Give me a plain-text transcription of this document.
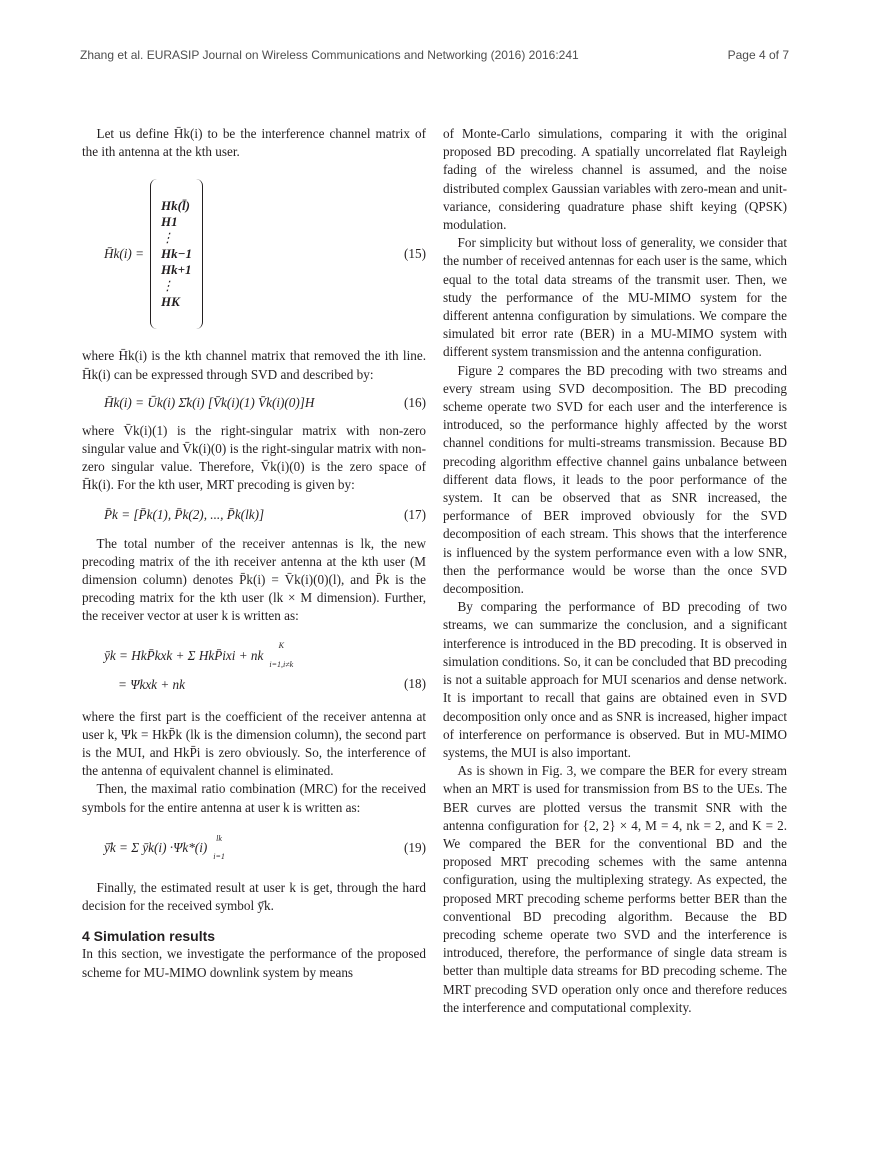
Zhang et al. EURASIP Journal on Wireless Communications and Networking (2016) 2016:241	Page 4 of 7

Let us define H̄k(i) to be the interference channel matrix of the ith antenna at the kth user.

H̄k(i) =
Hk(l̄)
H1
⋮
Hk−1
Hk+1
⋮
HK
(15)

where H̄k(i) is the kth channel matrix that removed the ith line. H̄k(i) can be expressed through SVD and described by:

H̄k(i) = Ūk(i) Σ̄k(i) [V̄k(i)(1) V̄k(i)(0)]H	(16)

where V̄k(i)(1) is the right-singular matrix with non-zero singular value and V̄k(i)(0) is the right-singular matrix with non-zero singular value. Therefore, V̄k(i)(0) is the zero space of H̄k(i). For the kth user, MRT precoding is given by:

P̄k = [P̄k(1), P̄k(2), ..., P̄k(lk)]	(17)

The total number of the receiver antennas is lk, the new precoding matrix of the ith receiver antenna at the kth user (M dimension column) denotes P̄k(i) = V̄k(i)(0)(l), and P̄k is the precoding matrix for the kth user (lk × M dimension). Further, the receiver vector at user k is written as:

ȳk = HkP̄kxk + Σ HkP̄ixi + nk
K
i=1,i≠k
= Ψkxk + nk	(18)

where the first part is the coefficient of the receiver antenna at user k, Ψk = HkP̄k (lk is the dimension column), the second part is the MUI, and HkP̄i is zero obviously. So, the interference of the antenna of equivalent channel is eliminated.

Then, the maximal ratio combination (MRC) for the received symbols for the entire antenna at user k is written as:

ȳ̄k = Σ ȳk(i) ·Ψk*(i)
lk
i=1
(19)

Finally, the estimated result at user k is get, through the hard decision for the received symbol ȳ̄k.

4 Simulation results

In this section, we investigate the performance of the proposed scheme for MU-MIMO downlink system by means

of Monte-Carlo simulations, comparing it with the original proposed BD precoding. A spatially uncorrelated flat Rayleigh fading of the wireless channel is assumed, and the noise distributed complex Gaussian variables with zero-mean and unit-variance, considering quadrature phase shift keying (QPSK) modulation.

For simplicity but without loss of generality, we consider that the number of received antennas for each user is the same, which equal to the total data streams of the transmit user. Then, we study the performance of the MU-MIMO system for the different antenna configuration by simulations. We compare the simulated bit error rate (BER) in a MU-MIMO system with different system transmission and the antenna configuration.

Figure 2 compares the BD precoding with two streams and every stream using SVD decomposition. The BD precoding scheme operate two SVD for each user and the interference is introduced, so the performance highly affected by the worst channel conditions for multi-streams transmission. Because BD precoding algorithm effective channel gains unbalance between different data flows, it leads to the poor performance of the system. It can be observed that as SNR increased, the performance of BER improved obviously for the SVD decomposition of each stream. This shows that the interference is influenced by the system performance even with a low SNR, then the performance would be worse than the once SVD decomposition.

By comparing the performance of BD precoding of two streams, we can summarize the conclusion, and a significant interference is introduced in the BD precoding. It is observed in simulation conditions. So, it can be concluded that BD precoding is not a suitable approach for MUI scenarios and dense network. It is important to recall that gains are obtained even in SVD decomposition only once and as SNR is increased, higher impact of interference on performance is observed. But in MU-MIMO systems, the MUI is also important.

As is shown in Fig. 3, we compare the BER for every stream when an MRT is used for transmission from BS to the UEs. The BER curves are plotted versus the transmit SNR with the antenna configuration for {2, 2} × 4, M = 4, nk = 2, and K = 2. We compared the BER for the conventional BD and the proposed MRT precoding schemes with the same antenna configuration, using the multiplexing strategy. As expected, the proposed MRT precoding scheme performs better BER than the conventional BD precoding algorithm. Because the BD precoding scheme operate two SVD and the interference is introduced, therefore, the performance of single data stream is better than multiple data streams for BD precoding scheme. The MRT precoding SVD operation only once and therefore reduces the interference and computational complexity.
